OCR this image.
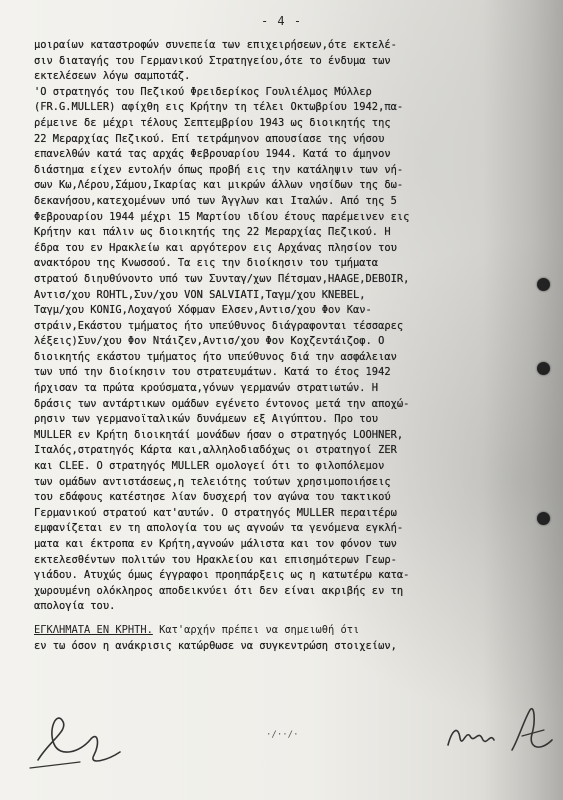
- 4 -
μοιραίων καταστροφών συνεπεία των επιχειρήσεων,ότε εκτελέ-
σιν διαταγής του Γερμανικού Στρατηγείου,ότε το ένδυμα των
εκτελέσεων λόγω σαμποτάζ.
'Ο στρατηγός του Πεζικού Φρειδερίκος Γουλιέλμος Μύλλερ
(FR.G.MULLER) αφίχθη εις Κρήτην τη τέλει Οκτωβρίου 1942,πα-
ρέμεινε δε μέχρι τέλους Σεπτεμβρίου 1943 ως διοικητής της
22 Μεραρχίας Πεζικού. Επί τετράμηνον απουσίασε της νήσου
επανελθών κατά τας αρχάς Φεβρουαρίου 1944. Κατά το άμηνον
διάστημα είχεν εντολήν όπως προβή εις την κατάληψιν των νή-
σων Κω,Λέρου,Σάμου,Ικαρίας και μικρών άλλων νησίδων της δω-
δεκανήσου,κατεχομένων υπό των Άγγλων και Ιταλών. Από της 5
Φεβρουαρίου 1944 μέχρι 15 Μαρτίου ιδίου έτους παρέμεινεν εις
Κρήτην και πάλιν ως διοικητής της 22 Μεραρχίας Πεζικού. Η
έδρα του εν Ηρακλείω και αργότερον εις Αρχάνας πλησίον του
ανακτόρου της Κνωσσού. Τα εις την διοίκησιν του τμήματα
στρατού διηυθύνοντο υπό των Συνταγ/χων Πέτσμαν,HAAGE,DEBOIR,
Αντισ/χου ROHTL,Συν/χου VON SALVIATI,Ταγμ/χου KNEBEL,
Ταγμ/χου KONIG,Λοχαγού Χόφμαν Ελσεν,Αντισ/χου Φον Καν-
στράιν,Εκάστου τμήματος ήτο υπεύθυνος διάγραφονται τέσσαρες
λέξεις)Συν/χου Φον Ντάιζεν,Αντισ/χου Φον Κοχζεντάιζοφ. Ο
διοικητής εκάστου τμήματος ήτο υπεύθυνος διά την ασφάλειαν
των υπό την διοίκησιν του στρατευμάτων. Κατά το έτος 1942
ήρχισαν τα πρώτα κρούσματα,γόνων γερμανών στρατιωτών. Η
δράσις των αντάρτικων ομάδων εγένετο έντονος μετά την αποχώ-
ρησιν των γερμανοϊταλικών δυνάμεων εξ Αιγύπτου. Προ του
MULLER εν Κρήτη διοικητάί μονάδων ήσαν ο στρατηγός LOOHNER,
Ιταλός,στρατηγός Κάρτα και,αλληλοδιαδόχως οι στρατηγοί ZER
και CLEE. Ο στρατηγός MULLER ομολογεί ότι το φιλοπόλεμον
των ομάδων αντιστάσεως,η τελειότης τούτων χρησιμοποιήσεις
του εδάφους κατέστησε λίαν δυσχερή τον αγώνα του τακτικού
Γερμανικού στρατού κατ'αυτών. Ο στρατηγός MULLER περαιτέρω
εμφανίζεται εν τη απολογία του ως αγνοών τα γενόμενα εγκλή-
ματα και έκτροπα εν Κρήτη,αγνοών μάλιστα και τον φόνον των
εκτελεσθέντων πολιτών του Ηρακλείου και επισημότερων Γεωρ-
γιάδου. Ατυχώς όμως έγγραφοι προηπάρξεις ως η κατωτέρω κατα-
χωρουμένη ολόκληρος αποδεικνύει ότι δεν είναι ακριβής εν τη
απολογία του.
ΕΓΚΛΗΜΑΤΑ ΕΝ ΚΡΗΤΗ. Κατ'αρχήν πρέπει να σημειωθή ότι
εν τω όσον η ανάκρισις κατώρθωσε να συγκεντρώση στοιχείων,
·/··/·
